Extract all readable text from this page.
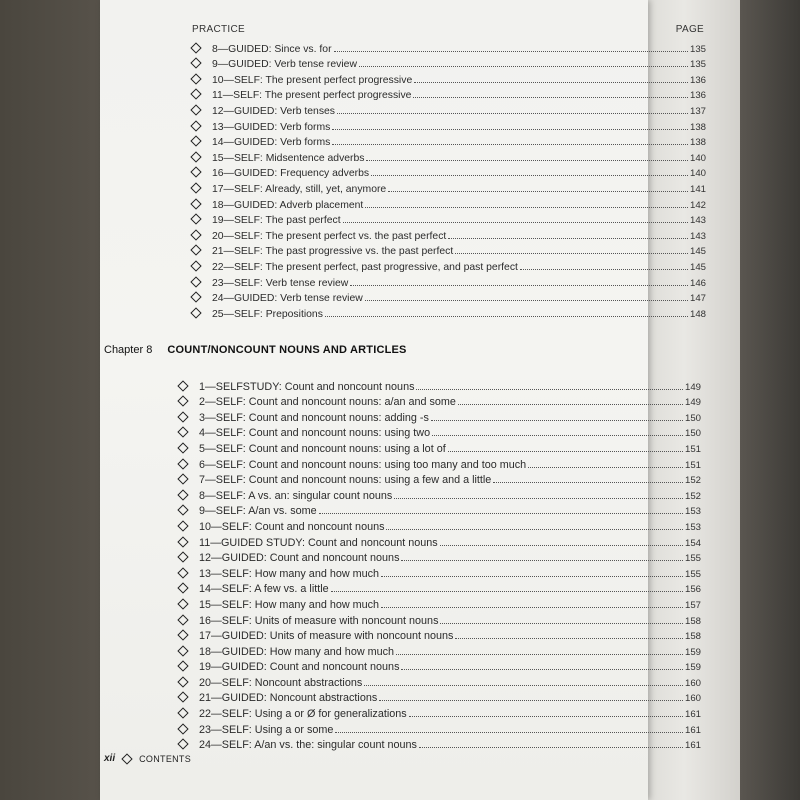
PRACTICE	PAGE
8—GUIDED: Since vs. for	135
9—GUIDED: Verb tense review	135
10—SELF: The present perfect progressive	136
11—SELF: The present perfect progressive	136
12—GUIDED: Verb tenses	137
13—GUIDED: Verb forms	138
14—GUIDED: Verb forms	138
15—SELF: Midsentence adverbs	140
16—GUIDED: Frequency adverbs	140
17—SELF: Already, still, yet, anymore	141
18—GUIDED: Adverb placement	142
19—SELF: The past perfect	143
20—SELF: The present perfect vs. the past perfect	143
21—SELF: The past progressive vs. the past perfect	145
22—SELF: The present perfect, past progressive, and past perfect	145
23—SELF: Verb tense review	146
24—GUIDED: Verb tense review	147
25—SELF: Prepositions	148
Chapter 8 COUNT/NONCOUNT NOUNS AND ARTICLES
1—SELFSTUDY: Count and noncount nouns	149
2—SELF: Count and noncount nouns: a/an and some	149
3—SELF: Count and noncount nouns: adding -s	150
4—SELF: Count and noncount nouns: using two	150
5—SELF: Count and noncount nouns: using a lot of	151
6—SELF: Count and noncount nouns: using too many and too much	151
7—SELF: Count and noncount nouns: using a few and a little	152
8—SELF: A vs. an: singular count nouns	152
9—SELF: A/an vs. some	153
10—SELF: Count and noncount nouns	153
11—GUIDED STUDY: Count and noncount nouns	154
12—GUIDED: Count and noncount nouns	155
13—SELF: How many and how much	155
14—SELF: A few vs. a little	156
15—SELF: How many and how much	157
16—SELF: Units of measure with noncount nouns	158
17—GUIDED: Units of measure with noncount nouns	158
18—GUIDED: How many and how much	159
19—GUIDED: Count and noncount nouns	159
20—SELF: Noncount abstractions	160
21—GUIDED: Noncount abstractions	160
22—SELF: Using a or Ø for generalizations	161
23—SELF: Using a or some	161
24—SELF: A/an vs. the: singular count nouns	161
xii	CONTENTS
